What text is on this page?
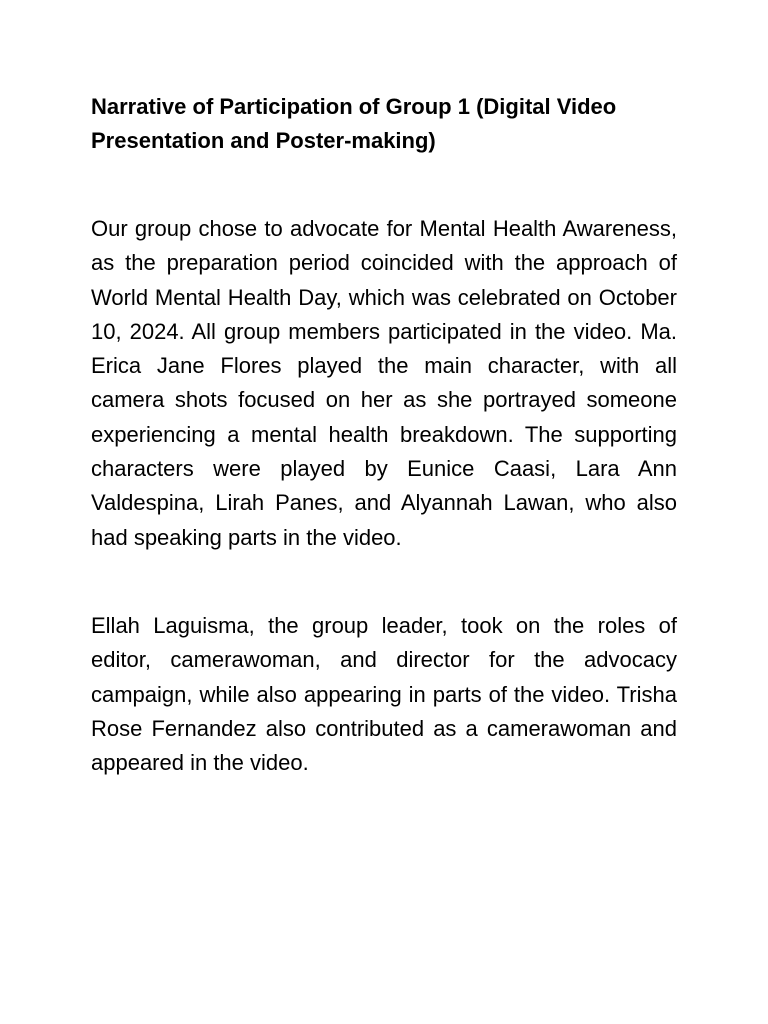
Narrative of Participation of Group 1 (Digital Video Presentation and Poster-making)

Our group chose to advocate for Mental Health Awareness, as the preparation period coincided with the approach of World Mental Health Day, which was celebrated on October 10, 2024. All group members participated in the video. Ma. Erica Jane Flores played the main character, with all camera shots focused on her as she portrayed someone experiencing a mental health breakdown. The supporting characters were played by Eunice Caasi, Lara Ann Valdespina, Lirah Panes, and Alyannah Lawan, who also had speaking parts in the video.

Ellah Laguisma, the group leader, took on the roles of editor, camerawoman, and director for the advocacy campaign, while also appearing in parts of the video. Trisha Rose Fernandez also contributed as a camerawoman and appeared in the video.
